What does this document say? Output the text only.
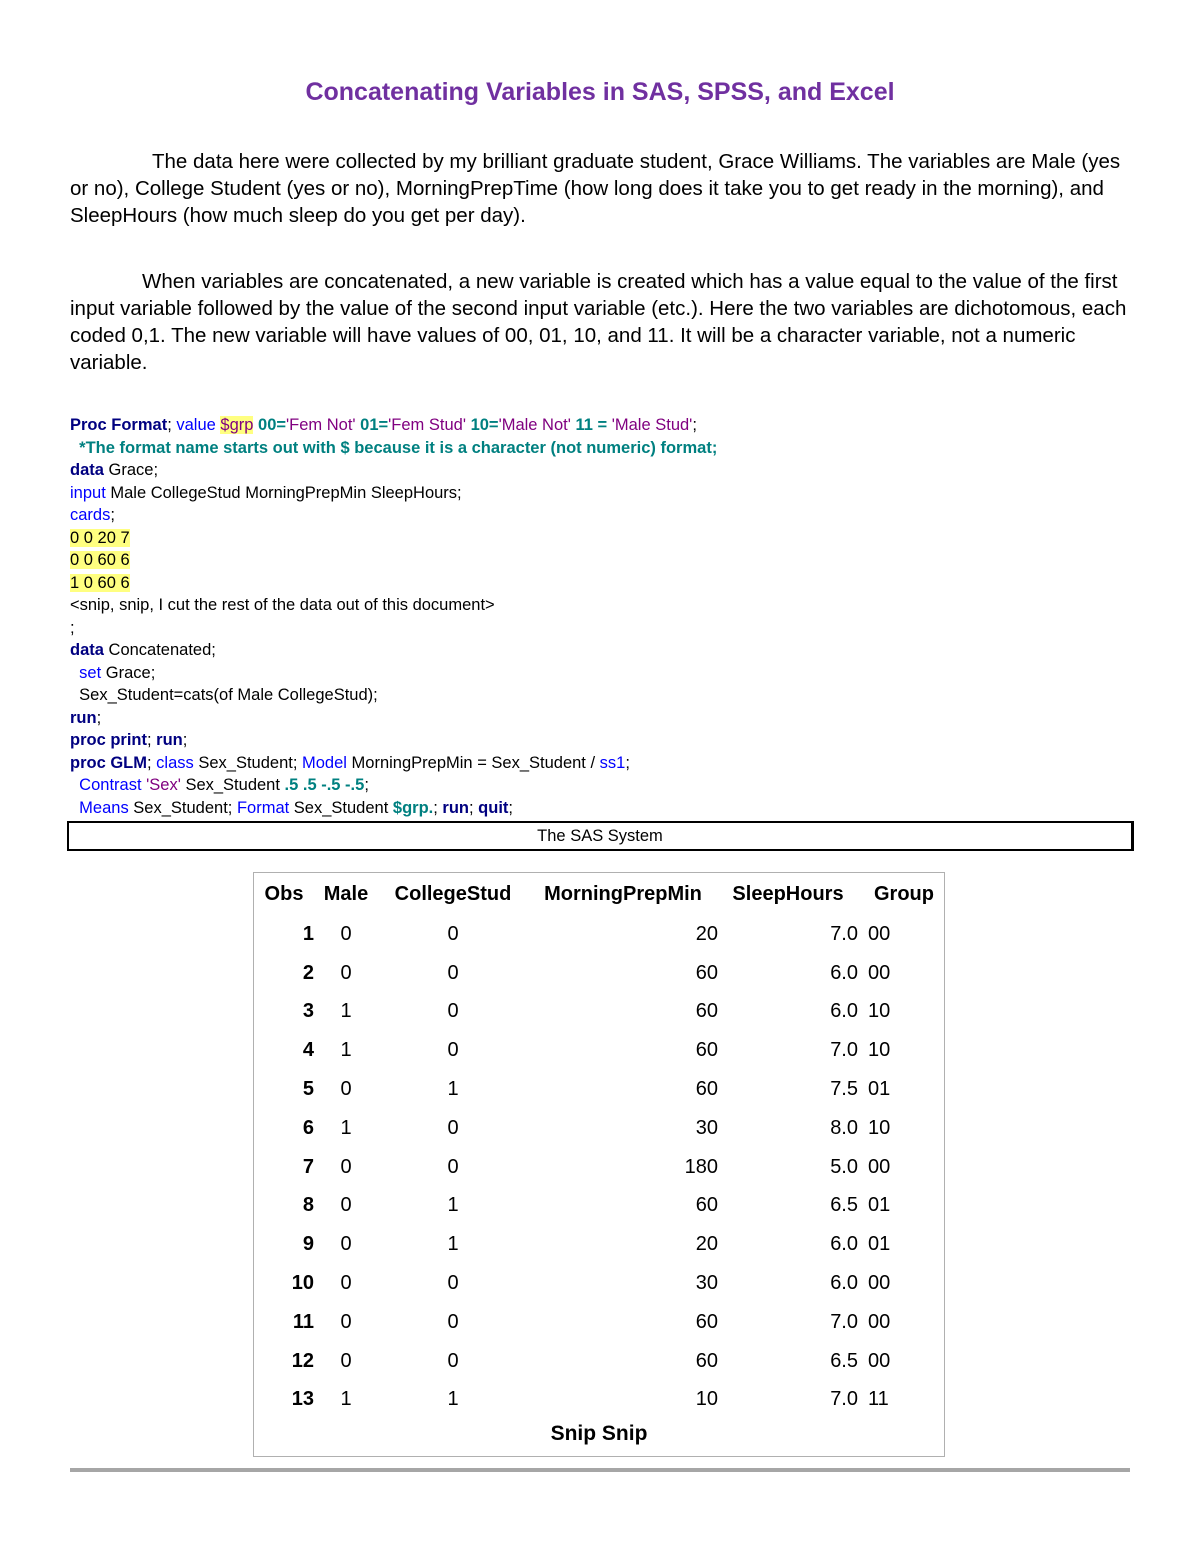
Concatenating Variables in SAS, SPSS, and Excel

The data here were collected by my brilliant graduate student, Grace Williams. The variables are Male (yes or no), College Student (yes or no), MorningPrepTime (how long does it take you to get ready in the morning), and SleepHours (how much sleep do you get per day).

When variables are concatenated, a new variable is created which has a value equal to the value of the first input variable followed by the value of the second input variable (etc.). Here the two variables are dichotomous, each coded 0,1. The new variable will have values of 00, 01, 10, and 11. It will be a character variable, not a numeric variable.

Proc Format; value $grp 00='Fem Not' 01='Fem Stud' 10='Male Not' 11 = 'Male Stud';
*The format name starts out with $ because it is a character (not numeric) format;
data Grace;
input Male CollegeStud MorningPrepMin SleepHours;
cards;
0 0 20 7
0 0 60 6
1 0 60 6
<snip, snip, I cut the rest of the data out of this document>
;
data Concatenated;
set Grace;
Sex_Student=cats(of Male CollegeStud);
run;
proc print; run;
proc GLM; class Sex_Student; Model MorningPrepMin = Sex_Student / ss1;
Contrast 'Sex' Sex_Student .5 .5 -.5 -.5;
Means Sex_Student; Format Sex_Student $grp.; run; quit;
The SAS System
Obs	Male	CollegeStud	MorningPrepMin	SleepHours	Group
1	0	0	20	7.0	00
2	0	0	60	6.0	00
3	1	0	60	6.0	10
4	1	0	60	7.0	10
5	0	1	60	7.5	01
6	1	0	30	8.0	10
7	0	0	180	5.0	00
8	0	1	60	6.5	01
9	0	1	20	6.0	01
10	0	0	30	6.0	00
11	0	0	60	7.0	00
12	0	0	60	6.5	00
13	1	1	10	7.0	11
Snip Snip
